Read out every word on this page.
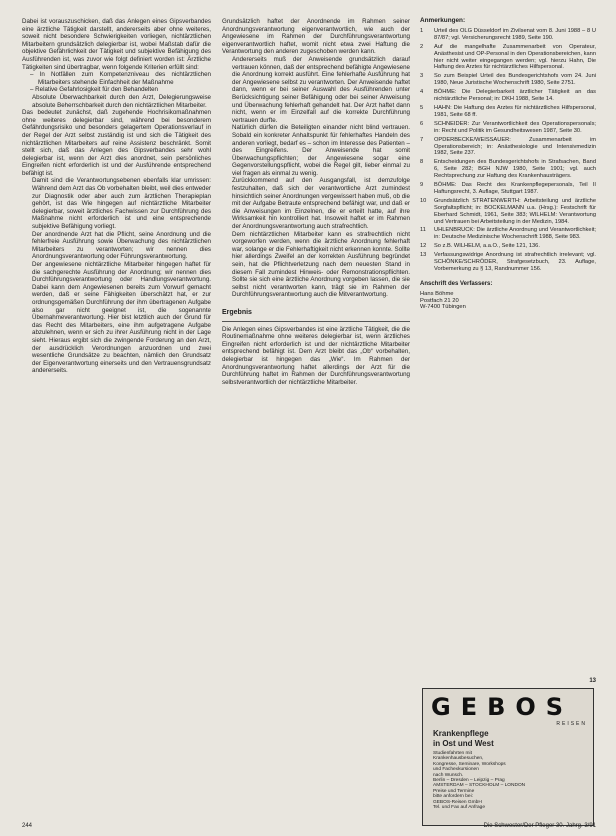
Dabei ist vorauszuschicken, daß das Anlegen eines Gipsverbandes eine ärztliche Tätigkeit darstellt, andererseits aber ohne weiteres, soweit nicht besondere Schwierigkeiten vorliegen, nichtärztlichen Mitarbeitern grundsätzlich delegierbar ist, wobei Maßstab dafür die objektive Gefährlichkeit der Tätigkeit und subjektive Befähigung des Ausführenden ist, was zuvor wie folgt definiert worden ist: Ärztliche Tätigkeiten sind übertragbar, wenn folgende Kriterien erfüllt sind:

– In Notfällen zum Kompetenzniveau des nichtärztlichen Mitarbeiters stehende Einfachheit der Maßnahme

– Relative Gefahrlosigkeit für den Behandelten

Absolute Überwachbarkeit durch den Arzt, Delegierungsweise absolute Beherrschbarkeit durch den nichtärztlichen Mitarbeiter.

Das bedeutet zunächst, daß zugehende Hochrisikomaßnahmen ohne weiteres delegierbar sind, während bei besonderem Gefährdungsrisiko und besonders gelagertem Operationsverlauf in der Regel der Arzt selbst zuständig ist und sich die Tätigkeit des nichtärztlichen Mitarbeiters auf reine Assistenz beschränkt. Somit stellt sich, daß das Anlegen des Gipsverbandes sehr wohl delegierbar ist, wenn der Arzt dies anordnet, sein persönliches Eingreifen nicht erforderlich ist und der Ausführende entsprechend befähigt ist.

Damit sind die Verantwortungsebenen ebenfalls klar umrissen: Während dem Arzt das Ob vorbehalten bleibt, weil dies entweder zur Diagnostik oder aber auch zum ärztlichen Therapieplan gehört, ist das Wie hingegen auf nichtärztliche Mitarbeiter delegierbar, soweit ärztliches Fachwissen zur Durchführung des Maßnahme nicht erforderlich ist und eine entsprechende subjektive Befähigung vorliegt.

Der anordnende Arzt hat die Pflicht, seine Anordnung und die fehlerfreie Ausführung sowie Überwachung des nichtärztlichen Mitarbeiters zu verantworten; wir nennen dies Anordnungsverantwortung oder Führungsverantwortung.

Der angewiesene nichtärztliche Mitarbeiter hingegen haftet für die sachgerechte Ausführung der Anordnung; wir nennen dies Durchführungsverantwortung oder Handlungsverantwortung. Dabei kann dem Angewiesenen bereits zum Vorwurf gemacht werden, daß er seine Fähigkeiten überschätzt hat, er zur ordnungsgemäßen Durchführung der ihm übertragenen Aufgabe also gar nicht geeignet ist, die sogenannte Übernahmeverantwortung. Hier bist letztlich auch der Grund für das Recht des Mitarbeiters, eine ihm aufgetragene Aufgabe abzulehnen, wenn er sich zu ihrer Ausführung nicht in der Lage sieht. Hieraus ergibt sich die zwingende Forderung an den Arzt, der ausdrücklich Verordnungen anzuordnen und zwei wesentliche Grundsätze zu beachten, nämlich den Grundsatz der Eigenverantwortung einerseits und den Vertrauensgrundsatz andererseits.

Grundsätzlich haftet der Anordnende im Rahmen seiner Anordnungsverantwortung eigenverantwortlich, wie auch der Angewiesene im Rahmen der Durchführungsverantwortung eigenverantwortlich haftet, womit nicht etwa zwei Haftung die Verantwortung den anderen zugeschoben werden kann.

Andererseits muß der Anweisende grundsätzlich darauf vertrauen können, daß der entsprechend befähigte Angewiesene die Anordnung korrekt ausführt. Eine fehlerhafte Ausführung hat der Angewiesene selbst zu verantworten. Der Anweisende haftet dann, wenn er bei seiner Auswahl des Ausführenden unter Berücksichtigung seiner Befähigung oder bei seiner Anweisung und Überwachung fehlerhaft gehandelt hat. Der Arzt haftet dann nicht, wenn er im Einzelfall auf die korrekte Durchführung vertrauen durfte.

Natürlich dürfen die Beteiligten einander nicht blind vertrauen. Sobald ein konkreter Anhaltspunkt für fehlerhaftes Handeln des anderen vorliegt, bedarf es – schon im Interesse des Patienten – des Eingreifens. Der Anweisende hat somit Überwachungspflichten; der Angewiesene sogar eine Gegenvorstellungspflicht, wobei die Regel gilt, lieber einmal zu viel fragen als einmal zu wenig.

Zurückkommend auf den Ausgangsfall, ist demzufolge festzuhalten, daß sich der verantwortliche Arzt zumindest hinsichtlich seiner Anordnungen vergewissert haben muß, ob die mit der Aufgabe Betraute entsprechend befähigt war, und daß er die Anweisungen im Einzelnen, die er erteilt hatte, auf ihre Wirksamkeit hin kontrolliert hat. Insoweit haftet er im Rahmen der Anordnungsverantwortung auch strafrechtlich.

Dem nichtärztlichen Mitarbeiter kann es strafrechtlich nicht vorgeworfen werden, wenn die ärztliche Anordnung fehlerhaft war, solange er die Fehlerhaftigkeit nicht erkennen konnte. Sollte hier allerdings Zweifel an der korrekten Ausführung begründet sein, hat die Pflichtverletzung nach dem neuesten Stand in diesem Fall zumindest Hinweis- oder Remonstrationspflichten. Sollte sie sich eine ärztliche Anordnung vorgeben lassen, die sie selbst nicht verantworten kann, trägt sie im Rahmen der Durchführungsverantwortung auch die Mitverantwortung.

Ergebnis

Die Anlegen eines Gipsverbandes ist eine ärztliche Tätigkeit, die die Routinemaßnahme ohne weiteres delegierbar ist, wenn ärztliches Eingreifen nicht erforderlich ist und der nichtärztliche Mitarbeiter entsprechend befähigt ist. Dem Arzt bleibt das „Ob“ vorbehalten, delegierbar ist hingegen das „Wie“. Im Rahmen der Anordnungsverantwortung haftet allerdings der Arzt für die Durchführung haftet im Rahmen der Durchführungsverantwortung selbstverantwortlich der nichtärztliche Mitarbeiter.

Anmerkungen:
1	Urteil des OLG Düsseldorf im Zivilsenat vom 8. Juni 1988 – 8 U 87/87; vgl. Versicherungsrecht 1989, Seite 190.
2	Auf die mangelhafte Zusammenarbeit von Operateur, Anästhesist und OP-Personal in den Operationsbereichen, kann hier nicht weiter eingegangen werden; vgl. hierzu Hahn, Die Haftung des Arztes für nichtärztliches Hilfspersonal.
3	So zum Beispiel Urteil des Bundesgerichtshofs vom 24. Juni 1980, Neue Juristische Wochenschrift 1980, Seite 2751.
4	BÖHME: Die Delegierbarkeit ärztlicher Tätigkeit an das nichtärztliche Personal; in: DKH 1988, Seite 14.
5	HAHN: Die Haftung des Arztes für nichtärztliches Hilfspersonal, 1981, Seite 68 ff.
6	SCHNEIDER: Zur Verantwortlichkeit des Operationspersonals; in: Recht und Politik im Gesundheitswesen 1987, Seite 30.
7	OPDERBECKE/WEISSAUER: Zusammenarbeit im Operationsbereich; in: Anästhesiologie und Intensivmedizin 1982, Seite 237.
8	Entscheidungen des Bundesgerichtshofs in Strafsachen, Band 6, Seite 282; BGH NJW 1980, Seite 1901; vgl. auch Rechtsprechung zur Haftung des Krankenhausträgers.
9	BÖHME: Das Recht des Krankenpflegepersonals, Teil II Haftungsrecht, 3. Auflage, Stuttgart 1987.
10	Grundsätzlich STRATENWERTH: Arbeitsteilung und ärztliche Sorgfaltspflicht; in: BOCKELMANN u.a. (Hrsg.): Festschrift für Eberhard Schmidt, 1961, Seite 383; WILHELM: Verantwortung und Vertrauen bei Arbeitsteilung in der Medizin, 1984.
11	UHLENBRUCK: Die ärztliche Anordnung und Verantwortlichkeit; in: Deutsche Medizinische Wochenschrift 1988, Seite 983.
12	So z.B. WILHELM, a.a.O., Seite 121, 136.
13	Verfassungswidrige Anordnung ist strafrechtlich irrelevant; vgl. SCHÖNKE/SCHRÖDER, Strafgesetzbuch, 23. Auflage, Vorbemerkung zu § 13, Randnummer 156.
Anschrift des Verfassers:
Hans Böhme
Postfach 21 20
W-7400 Tübingen
13
GEBOS
REISEN
Krankenpflege
in Ost und West

Studienfahrten mit

Krankenhausbesuchen,

Kongresse, Seminare, Workshops

und Fachexkursionen

nach Wunsch.

Berlin – Dresden – Leipzig – Prag

AMSTERDAM – STOCKHOLM – LONDON

Preise und Termine

bitte anfordern bei:

GEBOS-Reisen GmbH

Tel. und Fax auf Anfrage

244	Die Schwester/Der Pfleger 30. Jahrg. 3/91
